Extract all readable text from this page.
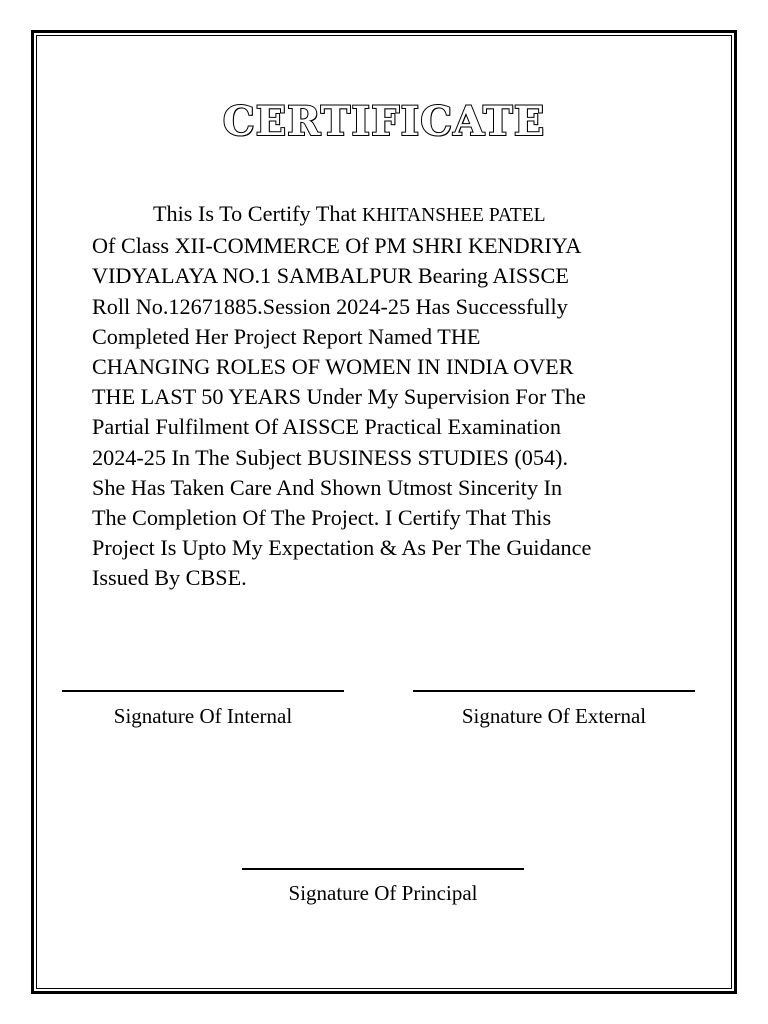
CERTIFICATE
This Is To Certify That KHITANSHEE PATEL
Of Class XII-COMMERCE Of PM SHRI KENDRIYA
VIDYALAYA NO.1 SAMBALPUR Bearing AISSCE
Roll No.12671885.Session 2024-25 Has Successfully
Completed Her Project Report Named THE
CHANGING ROLES OF WOMEN IN INDIA OVER
THE LAST 50 YEARS Under My Supervision For The
Partial Fulfilment Of AISSCE Practical Examination
2024-25 In The Subject BUSINESS STUDIES (054).
She Has Taken Care And Shown Utmost Sincerity In
The Completion Of The Project. I Certify That This
Project Is Upto My Expectation & As Per The Guidance
Issued By CBSE.
Signature Of Internal	Signature Of External
Signature Of Principal
